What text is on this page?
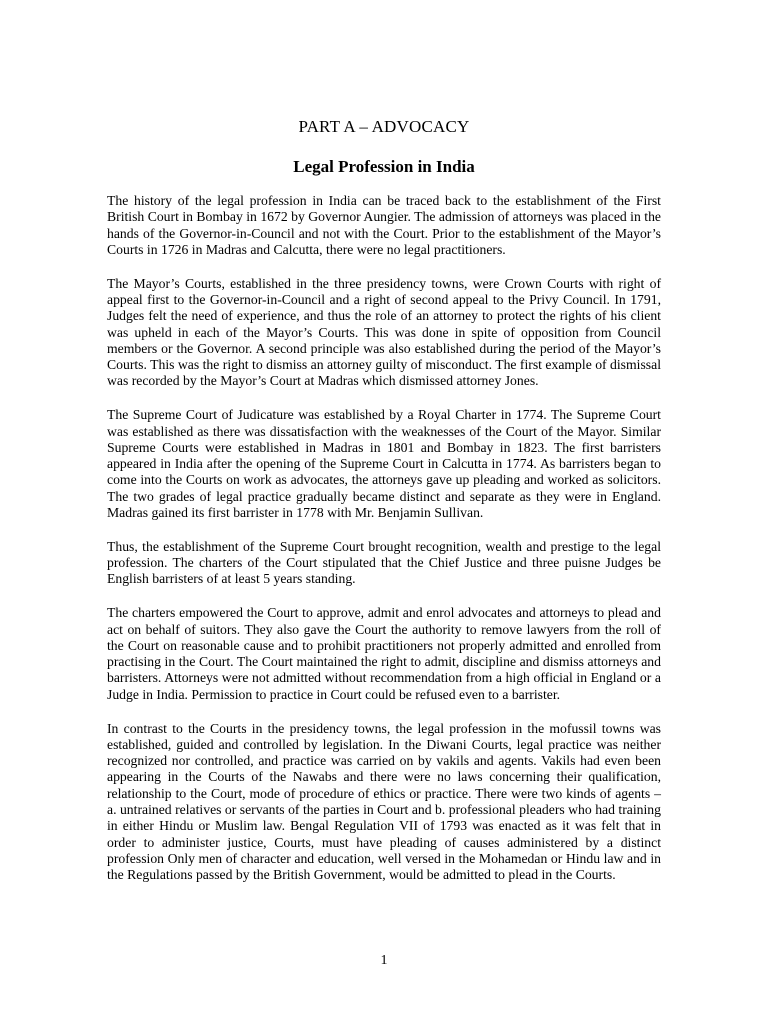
PART A – ADVOCACY
Legal Profession in India

The history of the legal profession in India can be traced back to the establishment of the First British Court in Bombay in 1672 by Governor Aungier. The admission of attorneys was placed in the hands of the Governor-in-Council and not with the Court. Prior to the establishment of the Mayor’s Courts in 1726 in Madras and Calcutta, there were no legal practitioners.

The Mayor’s Courts, established in the three presidency towns, were Crown Courts with right of appeal first to the Governor-in-Council and a right of second appeal to the Privy Council. In 1791, Judges felt the need of experience, and thus the role of an attorney to protect the rights of his client was upheld in each of the Mayor’s Courts. This was done in spite of opposition from Council members or the Governor. A second principle was also established during the period of the Mayor’s Courts. This was the right to dismiss an attorney guilty of misconduct. The first example of dismissal was recorded by the Mayor’s Court at Madras which dismissed attorney Jones.

The Supreme Court of Judicature was established by a Royal Charter in 1774. The Supreme Court was established as there was dissatisfaction with the weaknesses of the Court of the Mayor. Similar Supreme Courts were established in Madras in 1801 and Bombay in 1823. The first barristers appeared in India after the opening of the Supreme Court in Calcutta in 1774. As barristers began to come into the Courts on work as advocates, the attorneys gave up pleading and worked as solicitors. The two grades of legal practice gradually became distinct and separate as they were in England. Madras gained its first barrister in 1778 with Mr. Benjamin Sullivan.

Thus, the establishment of the Supreme Court brought recognition, wealth and prestige to the legal profession. The charters of the Court stipulated that the Chief Justice and three puisne Judges be English barristers of at least 5 years standing.

The charters empowered the Court to approve, admit and enrol advocates and attorneys to plead and act on behalf of suitors. They also gave the Court the authority to remove lawyers from the roll of the Court on reasonable cause and to prohibit practitioners not properly admitted and enrolled from practising in the Court. The Court maintained the right to admit, discipline and dismiss attorneys and barristers. Attorneys were not admitted without recommendation from a high official in England or a Judge in India. Permission to practice in Court could be refused even to a barrister.

In contrast to the Courts in the presidency towns, the legal profession in the mofussil towns was established, guided and controlled by legislation. In the Diwani Courts, legal practice was neither recognized nor controlled, and practice was carried on by vakils and agents. Vakils had even been appearing in the Courts of the Nawabs and there were no laws concerning their qualification, relationship to the Court, mode of procedure of ethics or practice. There were two kinds of agents – a. untrained relatives or servants of the parties in Court and b. professional pleaders who had training in either Hindu or Muslim law. Bengal Regulation VII of 1793 was enacted as it was felt that in order to administer justice, Courts, must have pleading of causes administered by a distinct profession Only men of character and education, well versed in the Mohamedan or Hindu law and in the Regulations passed by the British Government, would be admitted to plead in the Courts.

1
